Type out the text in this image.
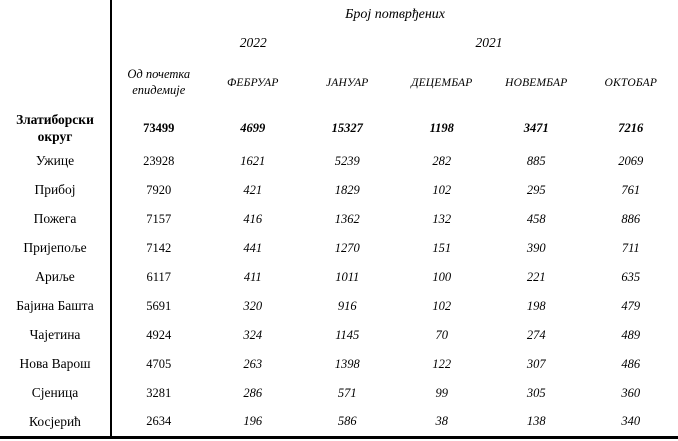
	Број потврђених					
	2022			2021		
	Од почетка епидемије	ФЕБРУАР	ЈАНУАР	ДЕЦЕМБАР	НОВЕМБАР	ОКТОБАР
Златиборски округ	73499	4699	15327	1198	3471	7216
Ужице	23928	1621	5239	282	885	2069
Прибој	7920	421	1829	102	295	761
Пожега	7157	416	1362	132	458	886
Пријепоље	7142	441	1270	151	390	711
Ариље	6117	411	1011	100	221	635
Бајина Башта	5691	320	916	102	198	479
Чајетина	4924	324	1145	70	274	489
Нова Варош	4705	263	1398	122	307	486
Сјеница	3281	286	571	99	305	360
Косјерић	2634	196	586	38	138	340
